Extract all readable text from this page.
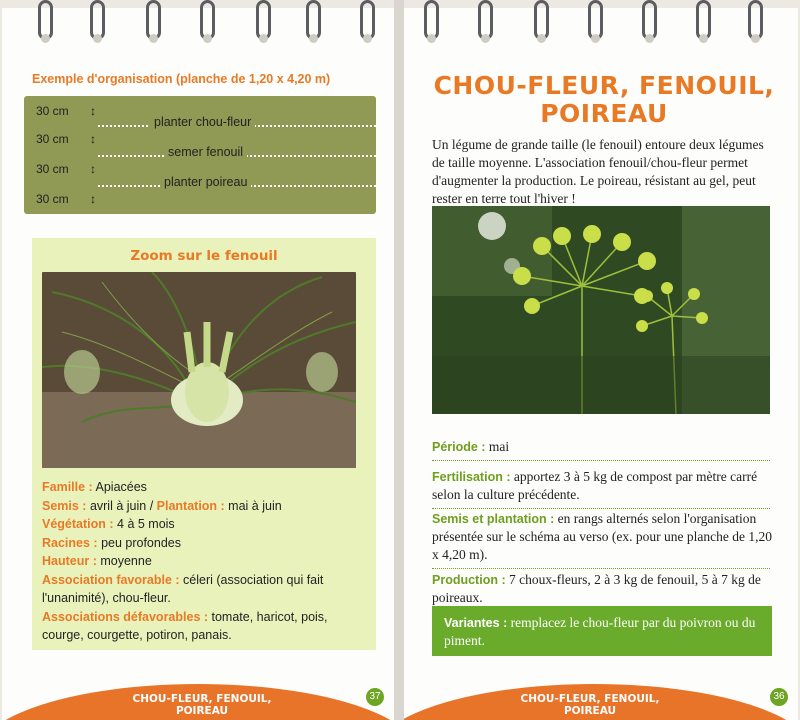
Exemple d'organisation (planche de 1,20 x 4,20 m)
30 cm ↕
planter chou-fleur
30 cm ↕
semer fenouil
30 cm ↕
planter poireau
30 cm ↕
Zoom sur le fenouil
Famille : Apiacées
Semis : avril à juin / Plantation : mai à juin
Végétation : 4 à 5 mois
Racines : peu profondes
Hauteur : moyenne
Association favorable : céleri (association qui fait l'unanimité), chou-fleur.
Associations défavorables : tomate, haricot, pois, courge, courgette, potiron, panais.
CHOU-FLEUR, FENOUIL,
POIREAU
37
CHOU-FLEUR, FENOUIL,
POIREAU
Un légume de grande taille (le fenouil) entoure deux légumes de taille moyenne. L'association fenouil/chou-fleur permet d'augmenter la production. Le poireau, résistant au gel, peut rester en terre tout l'hiver !
Période : mai
Fertilisation : apportez 3 à 5 kg de compost par mètre carré selon la culture précédente.
Semis et plantation : en rangs alternés selon l'organisation présentée sur le schéma au verso (ex. pour une planche de 1,20 x 4,20 m).
Production : 7 choux-fleurs, 2 à 3 kg de fenouil, 5 à 7 kg de poireaux.
Variantes : remplacez le chou-fleur par du poivron ou du piment.
CHOU-FLEUR, FENOUIL,
POIREAU
36
